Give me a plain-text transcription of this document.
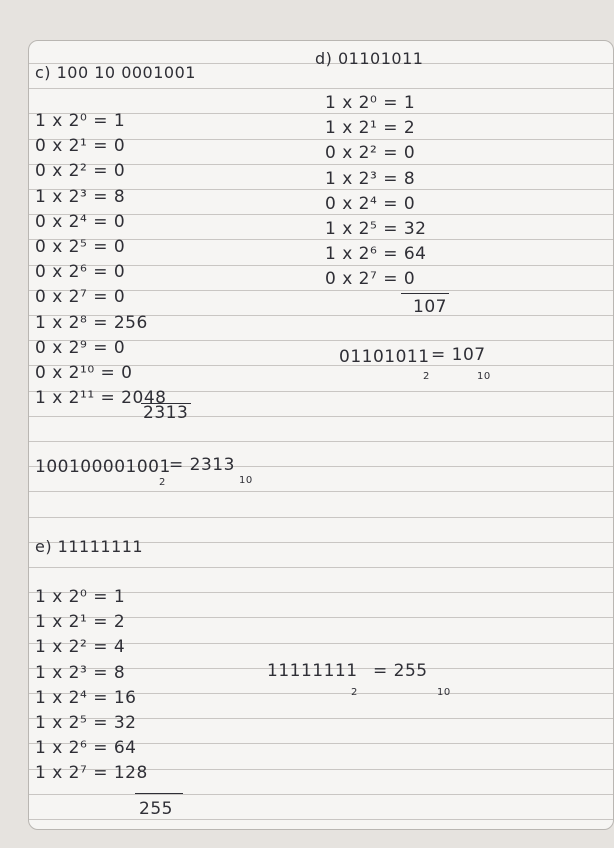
c) 100 10 0001001
1 x 2⁰ = 1
0 x 2¹ = 0
0 x 2² = 0
1 x 2³ = 8
0 x 2⁴ = 0
0 x 2⁵ = 0
0 x 2⁶ = 0
0 x 2⁷ = 0
1 x 2⁸ = 256
0 x 2⁹ = 0
0 x 2¹⁰ = 0
1 x 2¹¹ = 2048
2313
100100001001
2
= 2313
10
d) 01101011
1 x 2⁰ = 1
1 x 2¹ = 2
0 x 2² = 0
1 x 2³ = 8
0 x 2⁴ = 0
1 x 2⁵ = 32
1 x 2⁶ = 64
0 x 2⁷ = 0
107
01101011
2
= 107
10
e) 11111111
1 x 2⁰ = 1
1 x 2¹ = 2
1 x 2² = 4
1 x 2³ = 8
1 x 2⁴ = 16
1 x 2⁵ = 32
1 x 2⁶ = 64
1 x 2⁷ = 128
255
11111111
2
= 255
10
